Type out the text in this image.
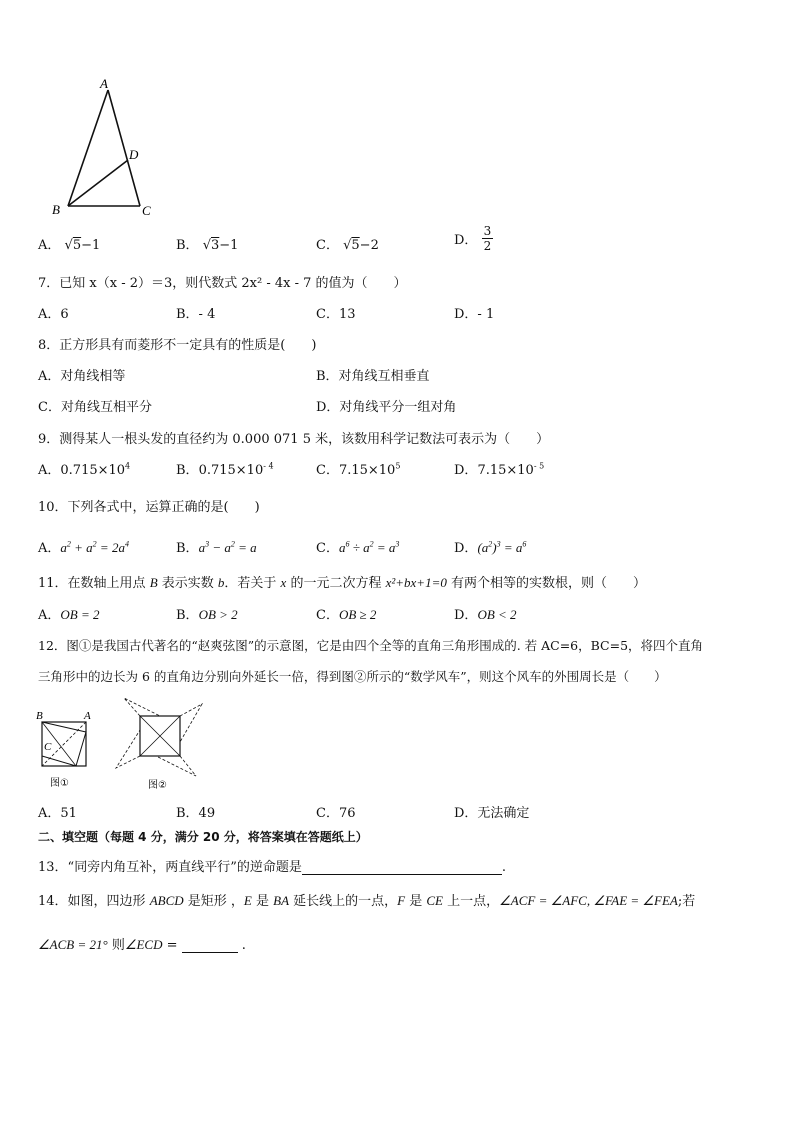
A
D
B	C
A． √5−1	B． √3−1	C． √5−2	D． $\frac{3}{2}$
7．已知 x（x - 2）＝3，则代数式 2x² - 4x - 7 的值为（　　）
A．6	B．- 4	C．13	D．- 1
8．正方形具有而菱形不一定具有的性质是(　　)
A．对角线相等	B．对角线互相垂直
C．对角线互相平分	D．对角线平分一组对角
9．测得某人一根头发的直径约为 0.000 071 5 米，该数用科学记数法可表示为（　　）
A．$0.715\times 10^4$	B．$0.715\times 10^{- 4}$	C．$7.15\times 10^5$	D．$7.15\times 10^{- 5}$
10．下列各式中，运算正确的是(　　)
A．$a^2 + a^2 = 2a^4$	B．$a^3 - a^2 = a$	C．$a^6 \div a^2 = a^3$	D．$(a^2)^3 = a^6$
11．在数轴上用点 B 表示实数 b．若关于 x 的一元二次方程 x²+bx+1=0 有两个相等的实数根，则（　　）
A．OB = 2	B．OB > 2	C．OB ≥ 2	D．OB < 2
12．图①是我国古代著名的“赵爽弦图”的示意图，它是由四个全等的直角三角形围成的. 若 AC=6，BC=5，将四个直角
三角形中的边长为 6 的直角边分别向外延长一倍，得到图②所示的“数学风车”，则这个风车的外围周长是（　　）
B	A
C
图①	图②
A．51	B．49	C．76	D．无法确定
二、填空题（每题 4 分，满分 20 分，将答案填在答题纸上）
13．“同旁内角互补，两直线平行”的逆命题是	.
14．如图，四边形 ABCD 是矩形 ，E 是 BA 延长线上的一点，F 是 CE 上一点，∠ACF = ∠AFC, ∠FAE = ∠FEA;若
∠ACB = 21° 则∠ECD =	.
